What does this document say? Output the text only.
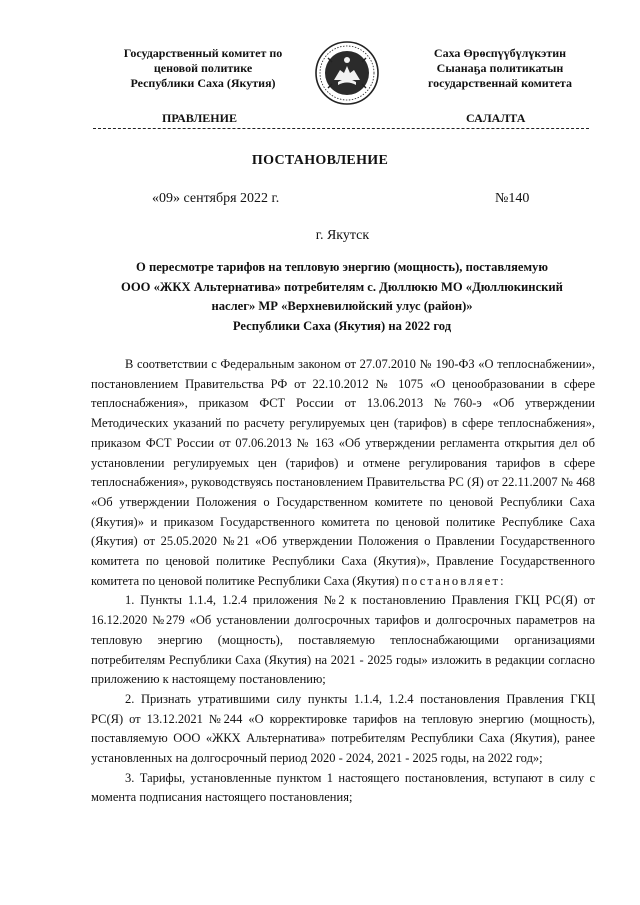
Государственный комитет по
ценовой политике
Республики Саха (Якутия)
Саха Өрөспүүбүлүкэтин
Сыанаҕа политикатын
государственнай комитета
ПРАВЛЕНИЕ	САЛАЛТА
ПОСТАНОВЛЕНИЕ
«09» сентября 2022 г.	№140
г. Якутск
О пересмотре тарифов на тепловую энергию (мощность), поставляемую
ООО «ЖКХ Альтернатива» потребителям с. Дюллюкю МО «Дюллюкинский
наслег» МР «Верхневилюйский улус (район)»
Республики Саха (Якутия) на 2022 год

В соответствии с Федеральным законом от 27.07.2010 № 190-ФЗ «О теплоснабжении», постановлением Правительства РФ от 22.10.2012 № 1075 «О ценообразовании в сфере теплоснабжения», приказом ФСТ России от 13.06.2013 №760-э «Об утверждении Методических указаний по расчету регулируемых цен (тарифов) в сфере теплоснабжения», приказом ФСТ России от 07.06.2013 № 163 «Об утверждении регламента открытия дел об установлении регулируемых цен (тарифов) и отмене регулирования тарифов в сфере теплоснабжения», руководствуясь постановлением Правительства РС (Я) от 22.11.2007 № 468 «Об утверждении Положения о Государственном комитете по ценовой Республики Саха (Якутия)» и приказом Государственного комитета по ценовой политике Республике Саха (Якутия) от 25.05.2020 №21 «Об утверждении Положения о Правлении Государственного комитета по ценовой политике Республики Саха (Якутия)», Правление Государственного комитета по ценовой политике Республики Саха (Якутия) постановляет:

1. Пункты 1.1.4, 1.2.4 приложения №2 к постановлению Правления ГКЦ РС(Я) от 16.12.2020 №279 «Об установлении долгосрочных тарифов и долгосрочных параметров на тепловую энергию (мощность), поставляемую теплоснабжающими организациями потребителям Республики Саха (Якутия) на 2021 - 2025 годы» изложить в редакции согласно приложению к настоящему постановлению;

2. Признать утратившими силу пункты 1.1.4, 1.2.4 постановления Правления ГКЦ РС(Я) от 13.12.2021 №244 «О корректировке тарифов на тепловую энергию (мощность), поставляемую ООО «ЖКХ Альтернатива» потребителям Республики Саха (Якутия), ранее установленных на долгосрочный период 2020 - 2024, 2021 - 2025 годы, на 2022 год»;

3. Тарифы, установленные пунктом 1 настоящего постановления, вступают в силу с момента подписания настоящего постановления;
